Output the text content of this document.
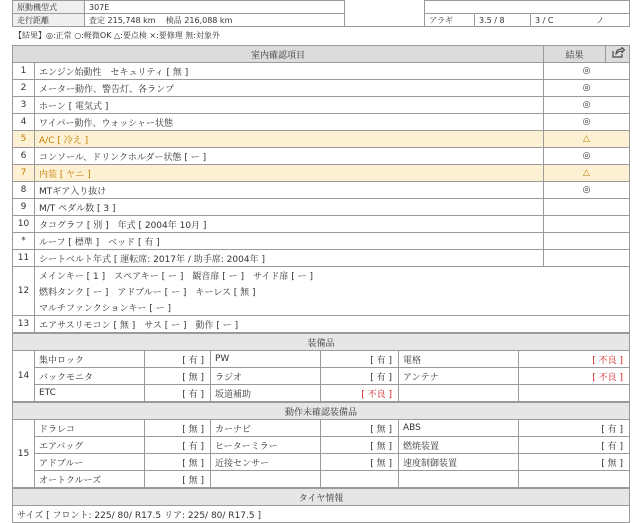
原動機型式	307E				
走行距離	査定 215,748 km 検品 216,088 km		アラギ	3.5 / 8	3 / C ノ
【結果】◎:正常 ○:軽微OK △:要点検 ×:要修理 無:対象外
室内確認項目		結果	
1	エンジン始動性　セキュリティ [ 無 ]	◎	
2	メーター動作、警告灯、各ランプ	◎	
3	ホーン [ 電気式 ]	◎	
4	ワイパー動作、ウォッシャー状態	◎	
5	A/C [ 冷え ]	△	
6	コンソール、ドリンクホルダー状態 [ ー ]	◎	
7	内装 [ ヤニ ]	△	
8	MTギア入り抜け	◎	
9	M/T ペダル数 [ 3 ]		
10	タコグラフ [ 別 ]　年式 [ 2004年 10月 ]		
*	ルーフ [ 標準 ]　ベッド [ 有 ]		
11	シートベルト年式 [ 運転席: 2017年 / 助手席: 2004年 ]		
12	メインキー [ 1 ]　スペアキー [ ー ]　観音扉 [ ー ]　サイド扉 [ ー ]		
	燃料タンク [ ー ]　アドブルー [ ー ]　キーレス [ 無 ]		
	マルチファンクションキー [ ー ]		
13	エアサスリモコン [ 無 ]　サス [ ー ]　動作 [ ー ]		
装備品						
14	集中ロック	[ 有 ]	PW	[ 有 ]	電格	[ 不良 ]
	バックモニタ	[ 無 ]	ラジオ	[ 有 ]	アンテナ	[ 不良 ]
	ETC	[ 有 ]	坂道補助	[ 不良 ]		
動作未確認装備品						
15	ドラレコ	[ 無 ]	カーナビ	[ 無 ]	ABS	[ 有 ]
	エアバッグ	[ 有 ]	ヒーターミラー	[ 無 ]	燃焼装置	[ 有 ]
	アドブルー	[ 無 ]	近接センサー	[ 無 ]	速度制御装置	[ 無 ]
	オートクルーズ	[ 無 ]				
タイヤ情報
サイズ [ フロント: 225/ 80/ R17.5 リア: 225/ 80/ R17.5 ]
